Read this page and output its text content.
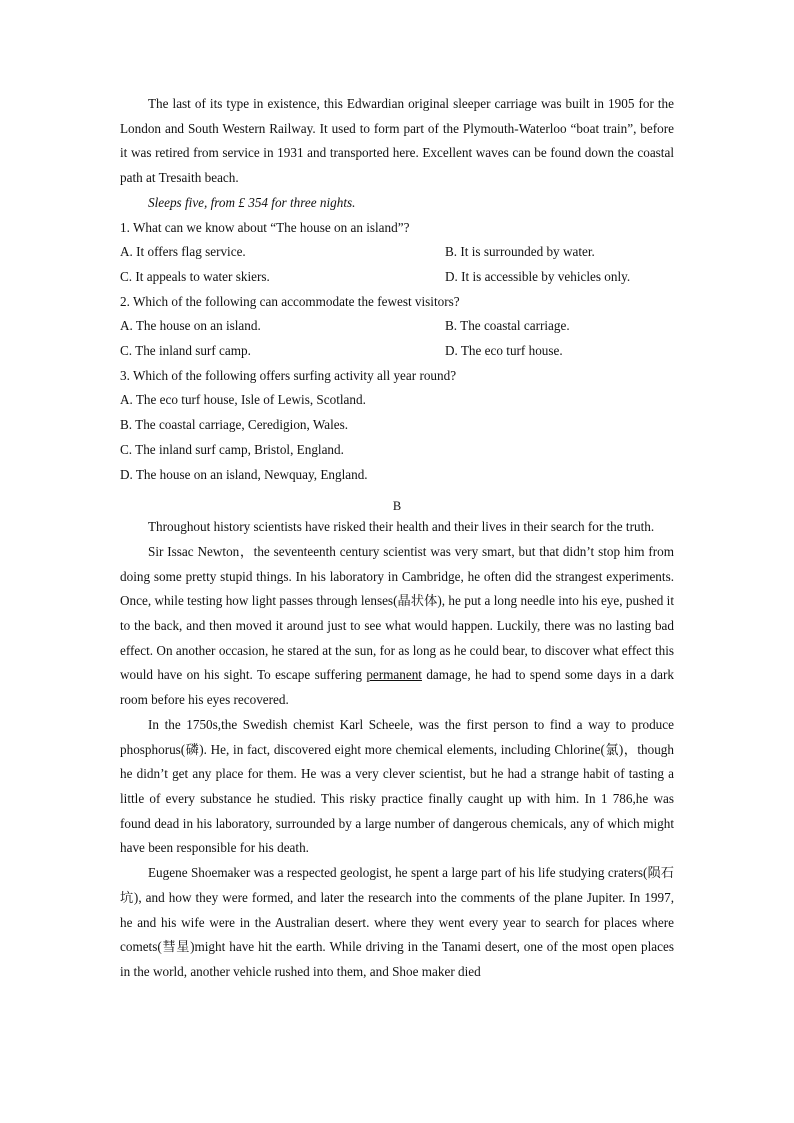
The last of its type in existence, this Edwardian original sleeper carriage was built in 1905 for the London and South Western Railway. It used to form part of the Plymouth-Waterloo “boat train”, before it was retired from service in 1931 and transported here. Excellent waves can be found down the coastal path at Tresaith beach.

Sleeps five, from £ 354 for three nights.

1. What can we know about “The house on an island”?

A. It offers flag service.	B. It is surrounded by water.
C. It appeals to water skiers.	D. It is accessible by vehicles only.

2. Which of the following can accommodate the fewest visitors?

A. The house on an island.	B. The coastal carriage.
C. The inland surf camp.	D. The eco turf house.

3. Which of the following offers surfing activity all year round?

A. The eco turf house, Isle of Lewis, Scotland.

B. The coastal carriage, Ceredigion, Wales.

C. The inland surf camp, Bristol, England.

D. The house on an island, Newquay, England.

B

Throughout history scientists have risked their health and their lives in their search for the truth.

Sir Issac Newton，the seventeenth century scientist was very smart, but that didn’t stop him from doing some pretty stupid things. In his laboratory in Cambridge, he often did the strangest experiments. Once, while testing how light passes through lenses(晶状体), he put a long needle into his eye, pushed it to the back, and then moved it around just to see what would happen. Luckily, there was no lasting bad effect. On another occasion, he stared at the sun, for as long as he could bear, to discover what effect this would have on his sight. To escape suffering permanent damage, he had to spend some days in a dark room before his eyes recovered.

In the 1750s,the Swedish chemist Karl Scheele, was the first person to find a way to produce phosphorus(磷). He, in fact, discovered eight more chemical elements, including Chlorine(氯)，though he didn’t get any place for them. He was a very clever scientist, but he had a strange habit of tasting a little of every substance he studied. This risky practice finally caught up with him. In 1 786,he was found dead in his laboratory, surrounded by a large number of dangerous chemicals, any of which might have been responsible for his death.

Eugene Shoemaker was a respected geologist, he spent a large part of his life studying craters(陨石坑), and how they were formed, and later the research into the comments of the plane Jupiter. In 1997, he and his wife were in the Australian desert. where they went every year to search for places where comets(彗星)might have hit the earth. While driving in the Tanami desert, one of the most open places in the world, another vehicle rushed into them, and Shoe maker died
